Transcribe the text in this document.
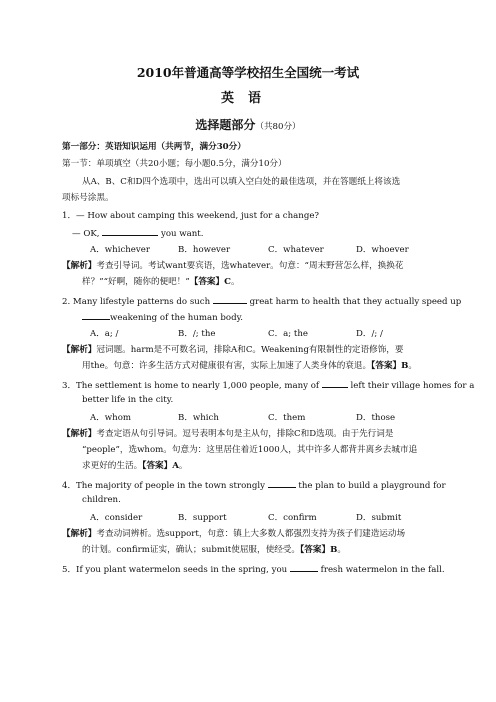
2010年普通高等学校招生全国统一考试
英语
选择题部分（共80分）
第一部分：英语知识运用（共两节，满分30分）
第一节：单项填空（共20小题；每小题0.5分，满分10分）
从A、B、C和D四个选项中，选出可以填入空白处的最佳选项，并在答题纸上将该选
项标号涂黑。
1．— How about camping this weekend, just for a change?
— OK,	you want.
A．whichever	B．however	C．whatever	D．whoever
【解析】考查引导词。考试want要宾语，选whatever。句意：“周末野营怎么样，换换花
样？”“好啊，随你的便吧！”【答案】C。
2. Many lifestyle patterns do such	great harm to health that they actually speed up
weakening of the human body.
A．a; /	B．/; the	C．a; the	D．/; /
【解析】冠词题。harm是不可数名词，排除A和C。Weakening有限制性的定语修饰，要
用the。句意：许多生活方式对健康很有害，实际上加速了人类身体的衰退。【答案】B。
3．The settlement is home to nearly 1,000 people, many of	left their village homes for a
better life in the city.
A．whom	B．which	C．them	D．those
【解析】考查定语从句引导词。逗号表明本句是主从句，排除C和D选项。由于先行词是
“people”，选whom。句意为：这里居住着近1000人，其中许多人都背井离乡去城市追
求更好的生活。【答案】A。
4．The majority of people in the town strongly	the plan to build a playground for
children.
A．consider	B．support	C．confirm	D．submit
【解析】考查动词辨析。选support，句意：镇上大多数人都强烈支持为孩子们建造运动场
的计划。confirm证实，确认；submit使屈服，使经受。【答案】B。
5．If you plant watermelon seeds in the spring, you	fresh watermelon in the fall.
